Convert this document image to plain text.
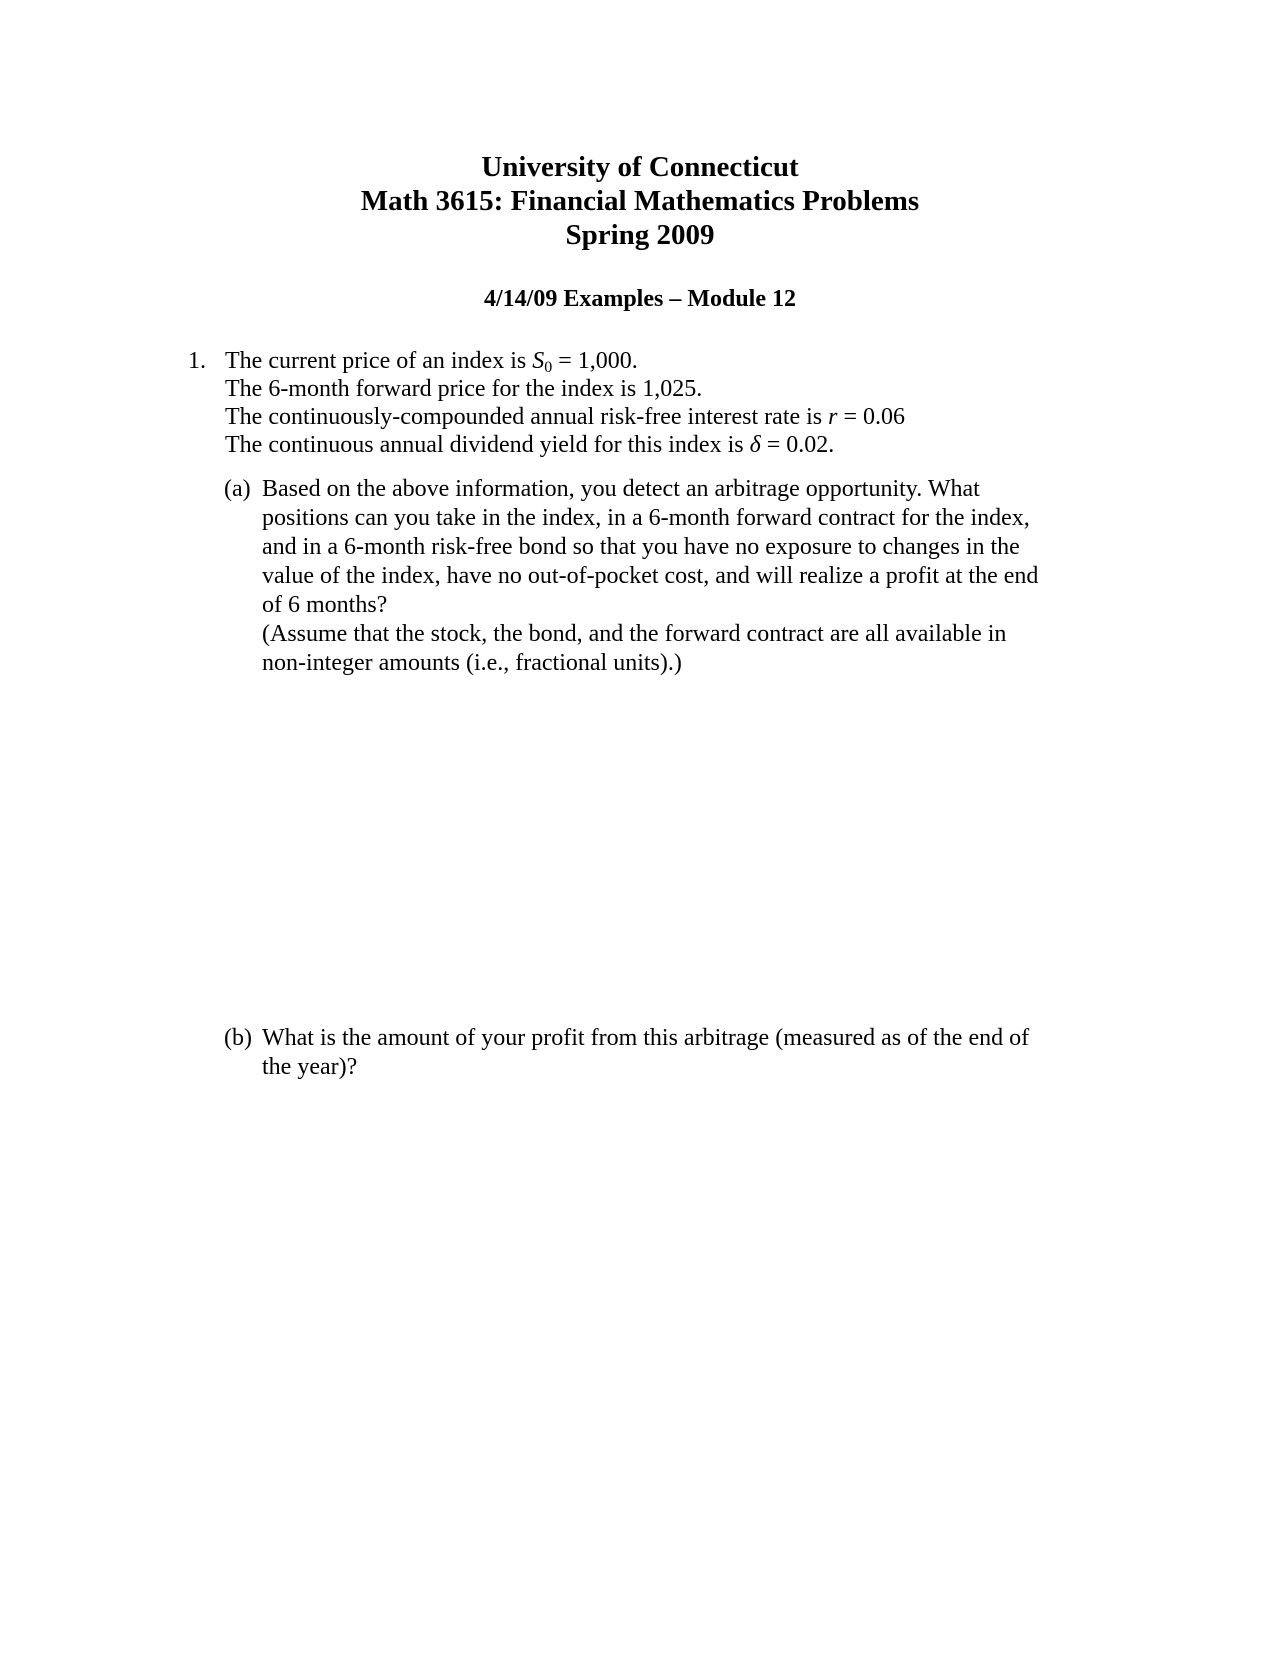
University of Connecticut
Math 3615: Financial Mathematics Problems
Spring 2009
4/14/09 Examples – Module 12
1. The current price of an index is $S_0 = 1,000$.
The 6-month forward price for the index is 1,025.
The continuously-compounded annual risk-free interest rate is r = 0.06
The continuous annual dividend yield for this index is δ = 0.02.
(a) Based on the above information, you detect an arbitrage opportunity. What
positions can you take in the index, in a 6-month forward contract for the index,
and in a 6-month risk-free bond so that you have no exposure to changes in the
value of the index, have no out-of-pocket cost, and will realize a profit at the end
of 6 months?
(Assume that the stock, the bond, and the forward contract are all available in
non-integer amounts (i.e., fractional units).)
(b) What is the amount of your profit from this arbitrage (measured as of the end of
the year)?
